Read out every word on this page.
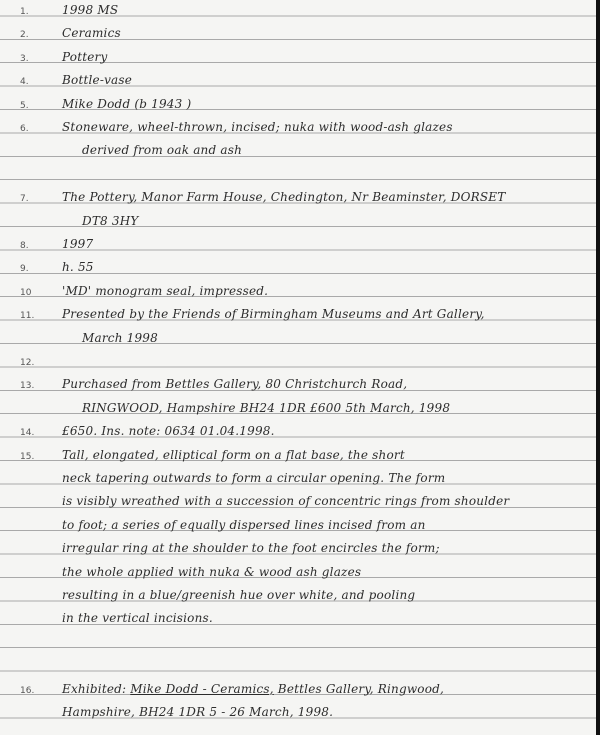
1.	1998 MS
2.	Ceramics
3.	Pottery
4.	Bottle-vase
5.	Mike Dodd (b 1943 )
6.	Stoneware, wheel-thrown, incised; nuka with wood-ash glazes
derived from oak and ash
7.	The Pottery, Manor Farm House, Chedington, Nr Beaminster, DORSET
DT8 3HY
8.	1997
9.	h. 55
10	'MD' monogram seal, impressed.
11. Presented by the Friends of Birmingham Museums and Art Gallery,
March 1998
12.
13. Purchased from Bettles Gallery, 80 Christchurch Road,
RINGWOOD, Hampshire BH24 1DR £600 5th March, 1998
14. £650. Ins. note: 0634 01.04.1998.
15. Tall, elongated, elliptical form on a flat base, the short
neck tapering outwards to form a circular opening. The form
is visibly wreathed with a succession of concentric rings from shoulder
to foot; a series of equally dispersed lines incised from an
irregular ring at the shoulder to the foot encircles the form;
the whole applied with nuka & wood ash glazes
resulting in a blue/greenish hue over white, and pooling
in the vertical incisions.
16. Exhibited: Mike Dodd - Ceramics, Bettles Gallery, Ringwood,
Hampshire, BH24 1DR 5 - 26 March, 1998.
